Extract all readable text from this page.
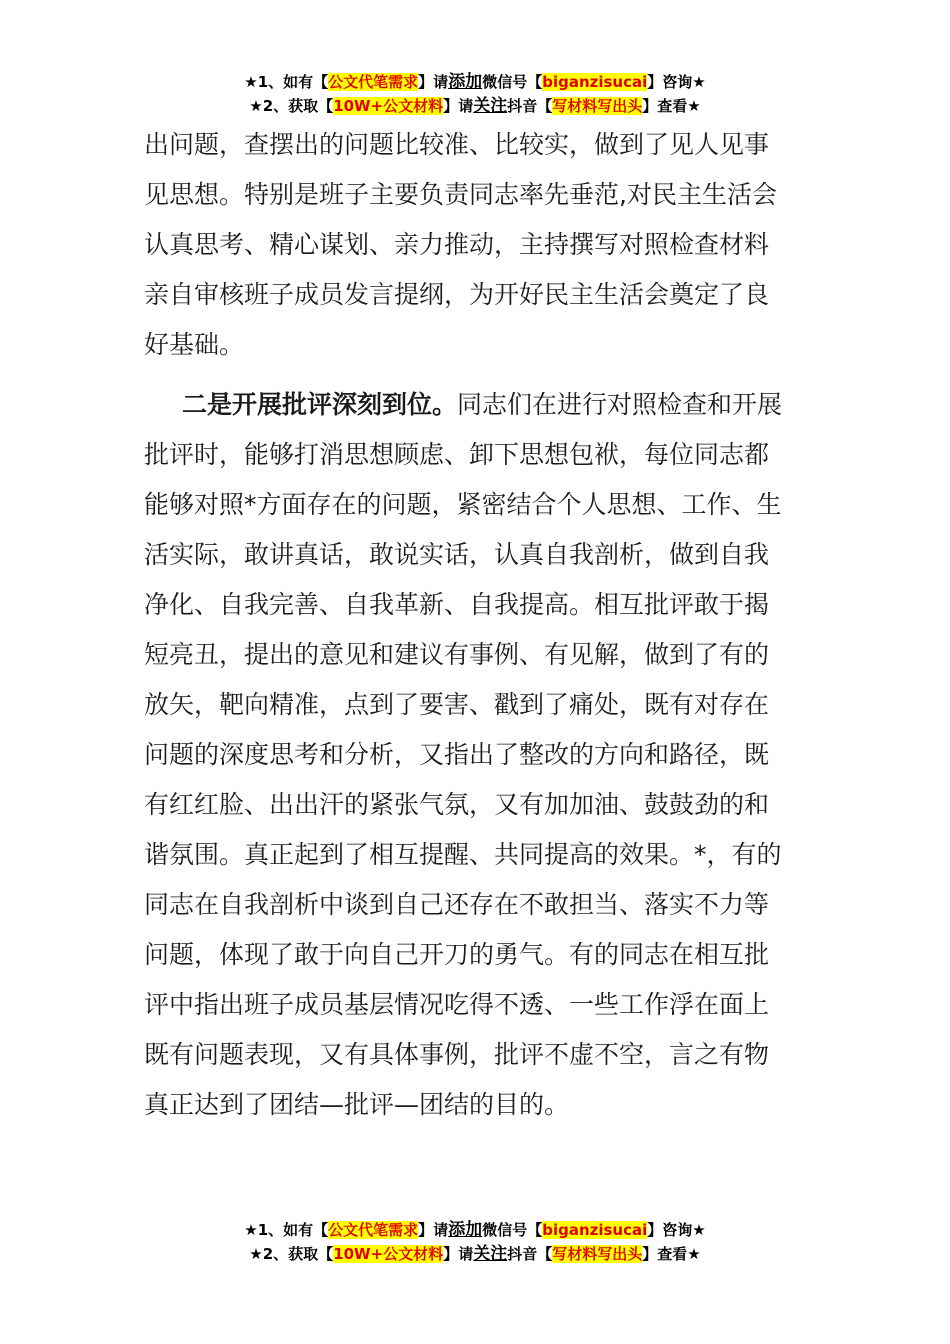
★1、如有【公文代笔需求】请添加微信号【biganzisucai】咨询★
★2、获取【10W+公文材料】请关注抖音【写材料写出头】查看★

出问题，查摆出的问题比较准、比较实，做到了见人见事
见思想。特别是班子主要负责同志率先垂范,对民主生活会
认真思考、精心谋划、亲力推动，主持撰写对照检查材料
亲自审核班子成员发言提纲，为开好民主生活会奠定了良
好基础。

二是开展批评深刻到位。同志们在进行对照检查和开展
批评时，能够打消思想顾虑、卸下思想包袱，每位同志都
能够对照*方面存在的问题，紧密结合个人思想、工作、生
活实际，敢讲真话，敢说实话，认真自我剖析，做到自我
净化、自我完善、自我革新、自我提高。相互批评敢于揭
短亮丑，提出的意见和建议有事例、有见解，做到了有的
放矢，靶向精准，点到了要害、戳到了痛处，既有对存在
问题的深度思考和分析，又指出了整改的方向和路径，既
有红红脸、出出汗的紧张气氛，又有加加油、鼓鼓劲的和
谐氛围。真正起到了相互提醒、共同提高的效果。*，有的
同志在自我剖析中谈到自己还存在不敢担当、落实不力等
问题，体现了敢于向自己开刀的勇气。有的同志在相互批
评中指出班子成员基层情况吃得不透、一些工作浮在面上
既有问题表现，又有具体事例，批评不虚不空，言之有物
真正达到了团结—批评—团结的目的。

★1、如有【公文代笔需求】请添加微信号【biganzisucai】咨询★
★2、获取【10W+公文材料】请关注抖音【写材料写出头】查看★
